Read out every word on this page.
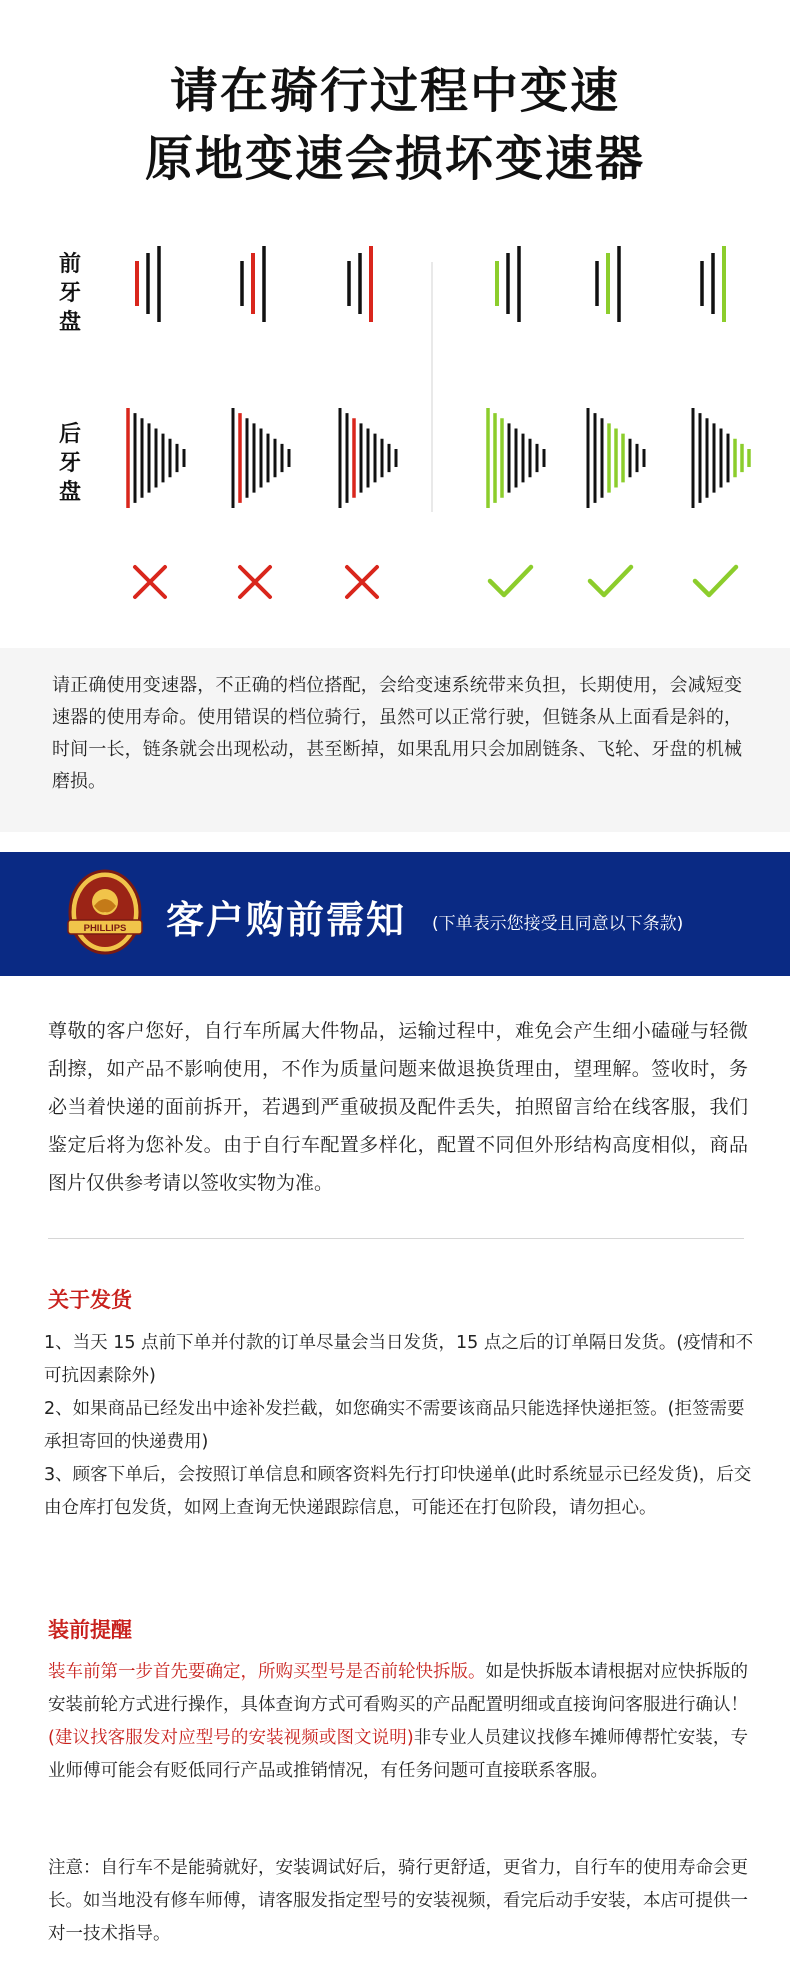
请在骑行过程中变速
原地变速会损坏变速器
前牙盘
后牙盘

请正确使用变速器，不正确的档位搭配，会给变速系统带来负担，长期使用，会减短变速器的使用寿命。使用错误的档位骑行，虽然可以正常行驶，但链条从上面看是斜的，时间一长，链条就会出现松动，甚至断掉，如果乱用只会加剧链条、飞轮、牙盘的机械磨损。

PHILLIPS 客户购前需知 (下单表示您接受且同意以下条款)

尊敬的客户您好，自行车所属大件物品，运输过程中，难免会产生细小磕碰与轻微刮擦，如产品不影响使用，不作为质量问题来做退换货理由，望理解。签收时，务必当着快递的面前拆开，若遇到严重破损及配件丢失，拍照留言给在线客服，我们鉴定后将为您补发。由于自行车配置多样化，配置不同但外形结构高度相似，商品图片仅供参考请以签收实物为准。

关于发货
1、当天 15 点前下单并付款的订单尽量会当日发货，15 点之后的订单隔日发货。(疫情和不可抗因素除外)
2、如果商品已经发出中途补发拦截，如您确实不需要该商品只能选择快递拒签。(拒签需要承担寄回的快递费用)
3、顾客下单后，会按照订单信息和顾客资料先行打印快递单(此时系统显示已经发货)，后交由仓库打包发货，如网上查询无快递跟踪信息，可能还在打包阶段，请勿担心。
装前提醒

装车前第一步首先要确定，所购买型号是否前轮快拆版。如是快拆版本请根据对应快拆版的安装前轮方式进行操作，具体查询方式可看购买的产品配置明细或直接询问客服进行确认！(建议找客服发对应型号的安装视频或图文说明)非专业人员建议找修车摊师傅帮忙安装，专业师傅可能会有贬低同行产品或推销情况，有任务问题可直接联系客服。

注意：自行车不是能骑就好，安装调试好后，骑行更舒适，更省力，自行车的使用寿命会更长。如当地没有修车师傅，请客服发指定型号的安装视频，看完后动手安装，本店可提供一对一技术指导。
